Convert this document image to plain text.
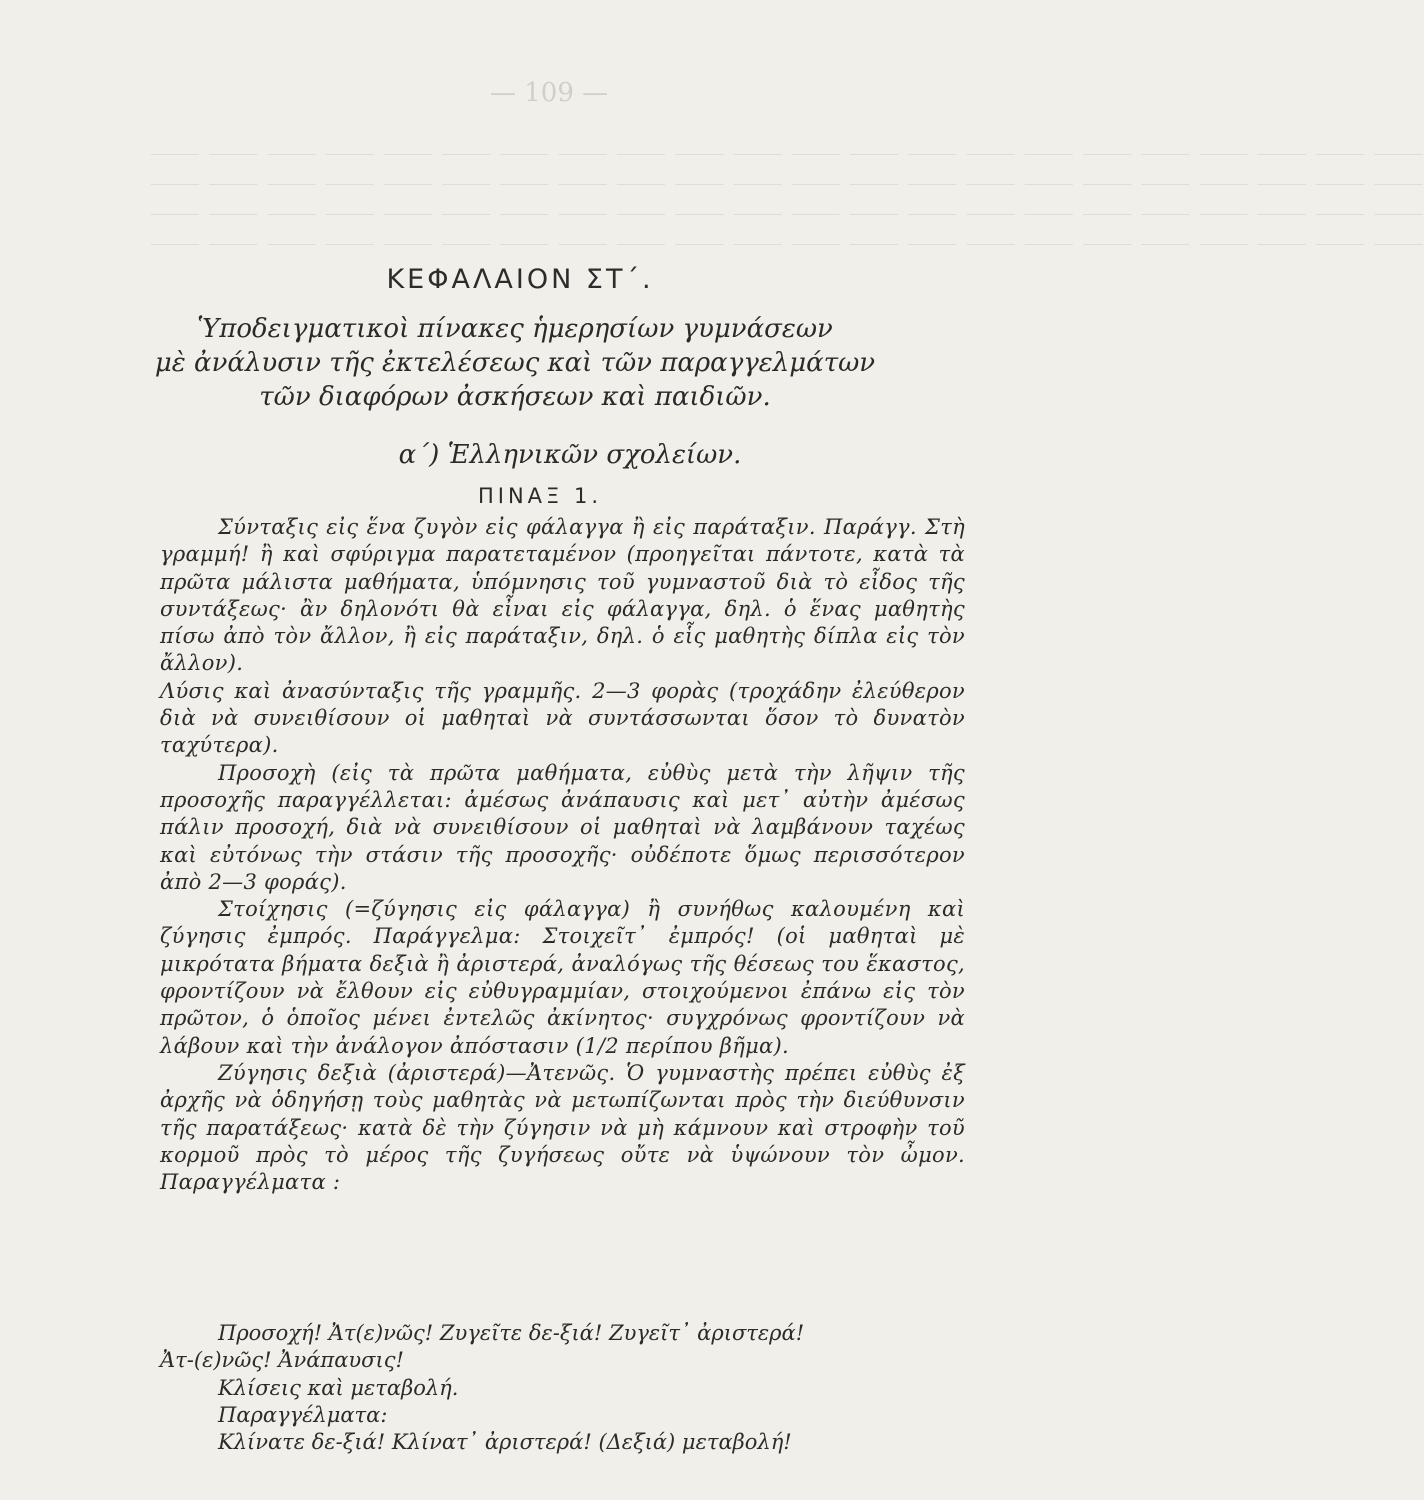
⸻ ⸻ ⸻ ⸻ ⸻ ⸻ ⸻ ⸻ ⸻ ⸻ ⸻ ⸻ ⸻ ⸻ ⸻ ⸻ ⸻ ⸻ ⸻ ⸻ ⸻ ⸻
⸻ ⸻ ⸻ ⸻ ⸻ ⸻ ⸻ ⸻ ⸻ ⸻ ⸻ ⸻ ⸻ ⸻ ⸻ ⸻ ⸻ ⸻ ⸻ ⸻ ⸻ ⸻
⸻ ⸻ ⸻ ⸻ ⸻ ⸻ ⸻ ⸻ ⸻ ⸻ ⸻ ⸻ ⸻ ⸻ ⸻ ⸻ ⸻ ⸻ ⸻ ⸻ ⸻ ⸻
⸻ ⸻ ⸻ ⸻ ⸻ ⸻ ⸻ ⸻ ⸻ ⸻ ⸻ ⸻ ⸻ ⸻ ⸻ ⸻ ⸻ ⸻ ⸻ ⸻ ⸻ ⸻
— 109 —
ΚΕΦΑΛΑΙΟΝ ΣΤ΄.
Ὑποδειγματικοὶ πίνακες ἡμερησίων γυμνάσεων
μὲ ἀνάλυσιν τῆς ἐκτελέσεως καὶ τῶν παραγγελμάτων
τῶν διαφόρων ἀσκήσεων καὶ παιδιῶν.
α΄) Ἑλληνικῶν σχολείων.
ΠΙΝΑΞ 1.

Σύνταξις εἰς ἕνα ζυγὸν εἰς φάλαγγα ἢ εἰς παράταξιν. Παράγγ. Στὴ γραμμή! ἢ καὶ σφύριγμα παρατεταμένον (προηγεῖται πάντοτε, κατὰ τὰ πρῶτα μάλιστα μαθήματα, ὑπόμνησις τοῦ γυμναστοῦ διὰ τὸ εἶδος τῆς συντάξεως· ἂν δηλονότι θὰ εἶναι εἰς φάλαγγα, δηλ. ὁ ἕνας μαθητὴς πίσω ἀπὸ τὸν ἄλλον, ἢ εἰς παράταξιν, δηλ. ὁ εἷς μαθητὴς δίπλα εἰς τὸν ἄλλον).

Λύσις καὶ ἀνασύνταξις τῆς γραμμῆς. 2—3 φορὰς (τροχάδην ἐλεύθερον διὰ νὰ συνειθίσουν οἱ μαθηταὶ νὰ συντάσσωνται ὅσον τὸ δυνατὸν ταχύτερα).

Προσοχὴ (εἰς τὰ πρῶτα μαθήματα, εὐθὺς μετὰ τὴν λῆψιν τῆς προσοχῆς παραγγέλλεται: ἀμέσως ἀνάπαυσις καὶ μετ᾽ αὐτὴν ἀμέσως πάλιν προσοχή, διὰ νὰ συνειθίσουν οἱ μαθηταὶ νὰ λαμβάνουν ταχέως καὶ εὐτόνως τὴν στάσιν τῆς προσοχῆς· οὐδέποτε ὅμως περισσότερον ἀπὸ 2—3 φοράς).

Στοίχησις (=ζύγησις εἰς φάλαγγα) ἢ συνήθως καλουμένη καὶ ζύγησις ἐμπρός. Παράγγελμα: Στοιχεῖτ᾽ ἐμπρός! (οἱ μαθηταὶ μὲ μικρότατα βήματα δεξιὰ ἢ ἀριστερά, ἀναλόγως τῆς θέσεως του ἕκαστος, φροντίζουν νὰ ἔλθουν εἰς εὐθυγραμμίαν, στοιχούμενοι ἐπάνω εἰς τὸν πρῶτον, ὁ ὁποῖος μένει ἐντελῶς ἀκίνητος· συγχρόνως φροντίζουν νὰ λάβουν καὶ τὴν ἀνάλογον ἀπόστασιν (1/2 περίπου βῆμα).

Ζύγησις δεξιὰ (ἀριστερά)—Ἀτενῶς. Ὁ γυμναστὴς πρέπει εὐθὺς ἐξ ἀρχῆς νὰ ὁδηγήσῃ τοὺς μαθητὰς νὰ μετωπίζωνται πρὸς τὴν διεύθυνσιν τῆς παρατάξεως· κατὰ δὲ τὴν ζύγησιν νὰ μὴ κάμνουν καὶ στροφὴν τοῦ κορμοῦ πρὸς τὸ μέρος τῆς ζυγήσεως οὔτε νὰ ὑψώνουν τὸν ὦμον. Παραγγέλματα :

Προσοχή! Ἀτ(ε)νῶς! Ζυγεῖτε δε-ξιά! Ζυγεῖτ᾽ ἀριστερά!

Ἀτ-(ε)νῶς! Ἀνάπαυσις!

Κλίσεις καὶ μεταβολή.

Παραγγέλματα:

Κλίνατε δε-ξιά! Κλίνατ᾽ ἀριστερά! (Δεξιά) μεταβολή!
